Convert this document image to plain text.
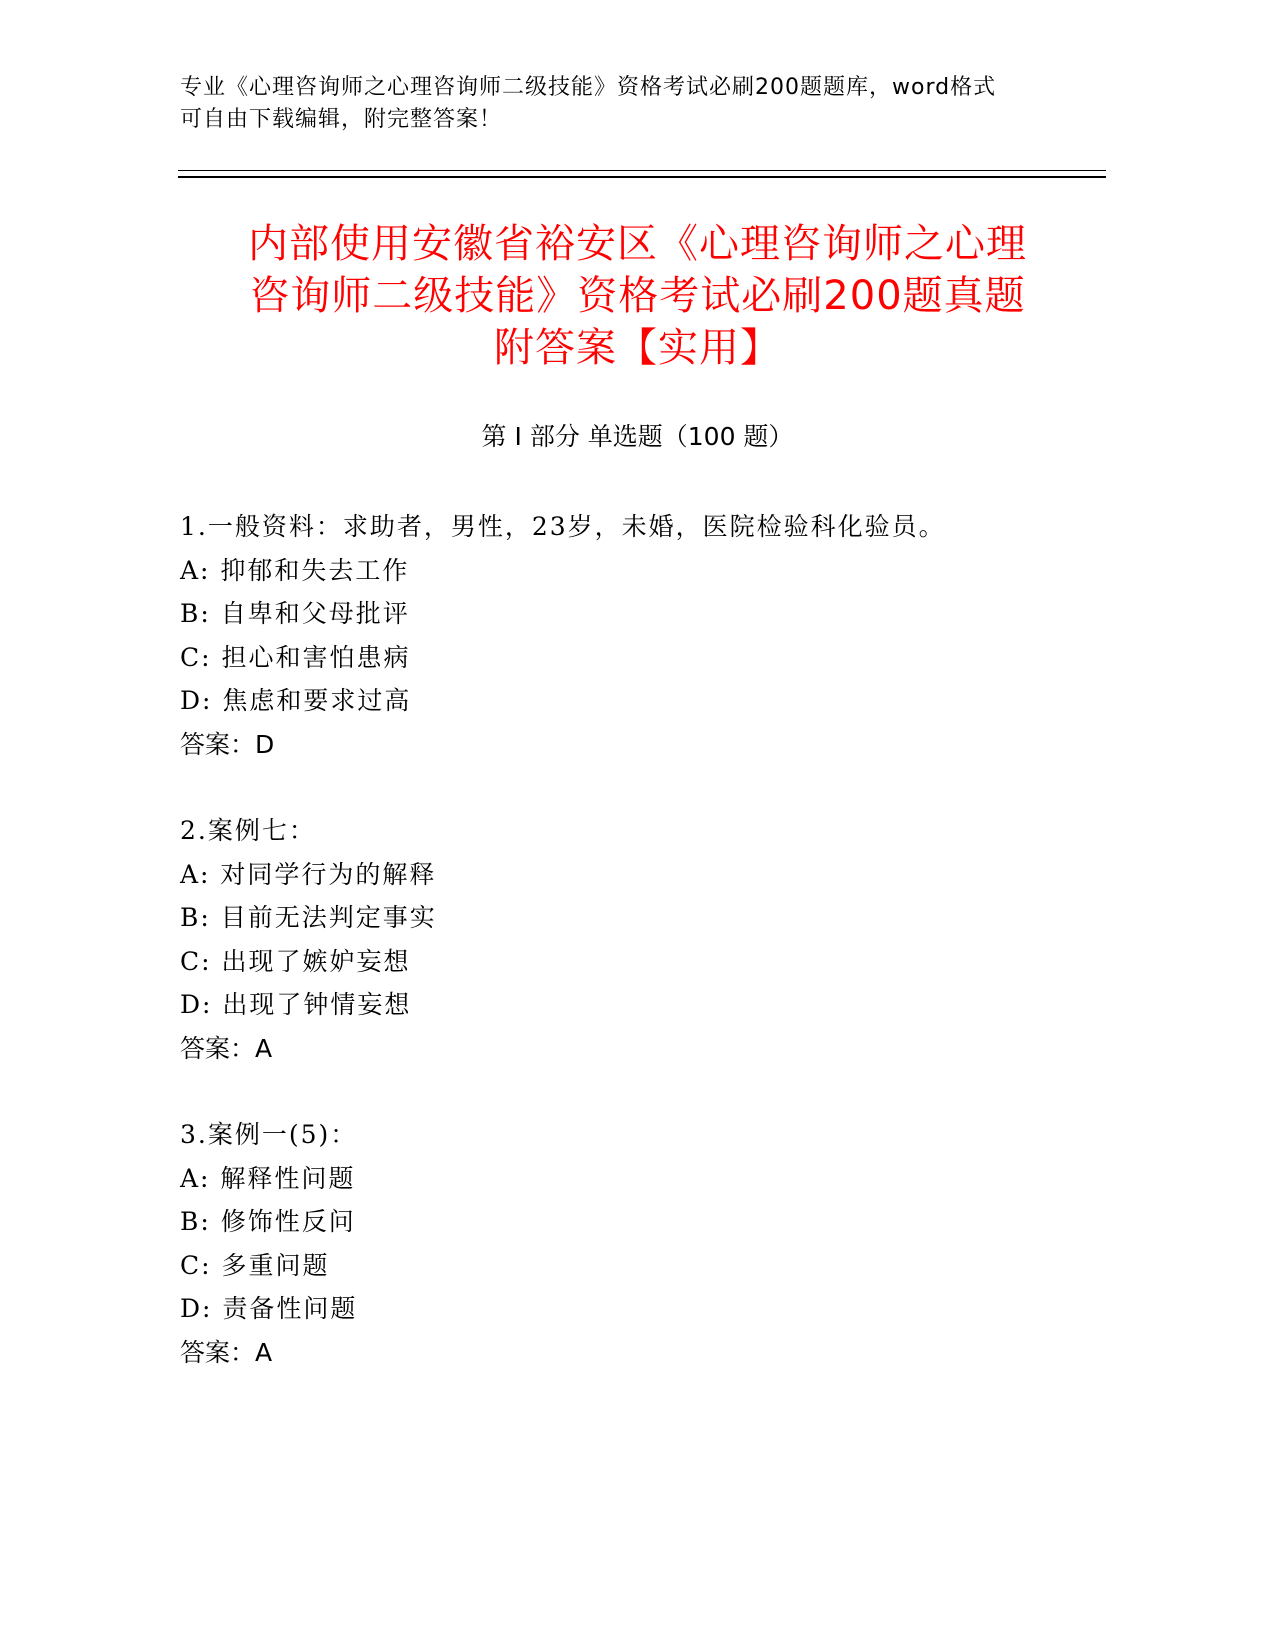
专业《心理咨询师之心理咨询师二级技能》资格考试必刷200题题库，word格式
可自由下载编辑，附完整答案！
内部使用安徽省裕安区《心理咨询师之心理
咨询师二级技能》资格考试必刷200题真题
附答案【实用】
第 I 部分 单选题（100 题）
1.一般资料：求助者，男性，23岁，未婚，医院检验科化验员。
A: 抑郁和失去工作
B: 自卑和父母批评
C: 担心和害怕患病
D: 焦虑和要求过高
答案：D
2.案例七：
A: 对同学行为的解释
B: 目前无法判定事实
C: 出现了嫉妒妄想
D: 出现了钟情妄想
答案：A
3.案例一(5)：
A: 解释性问题
B: 修饰性反问
C: 多重问题
D: 责备性问题
答案：A
